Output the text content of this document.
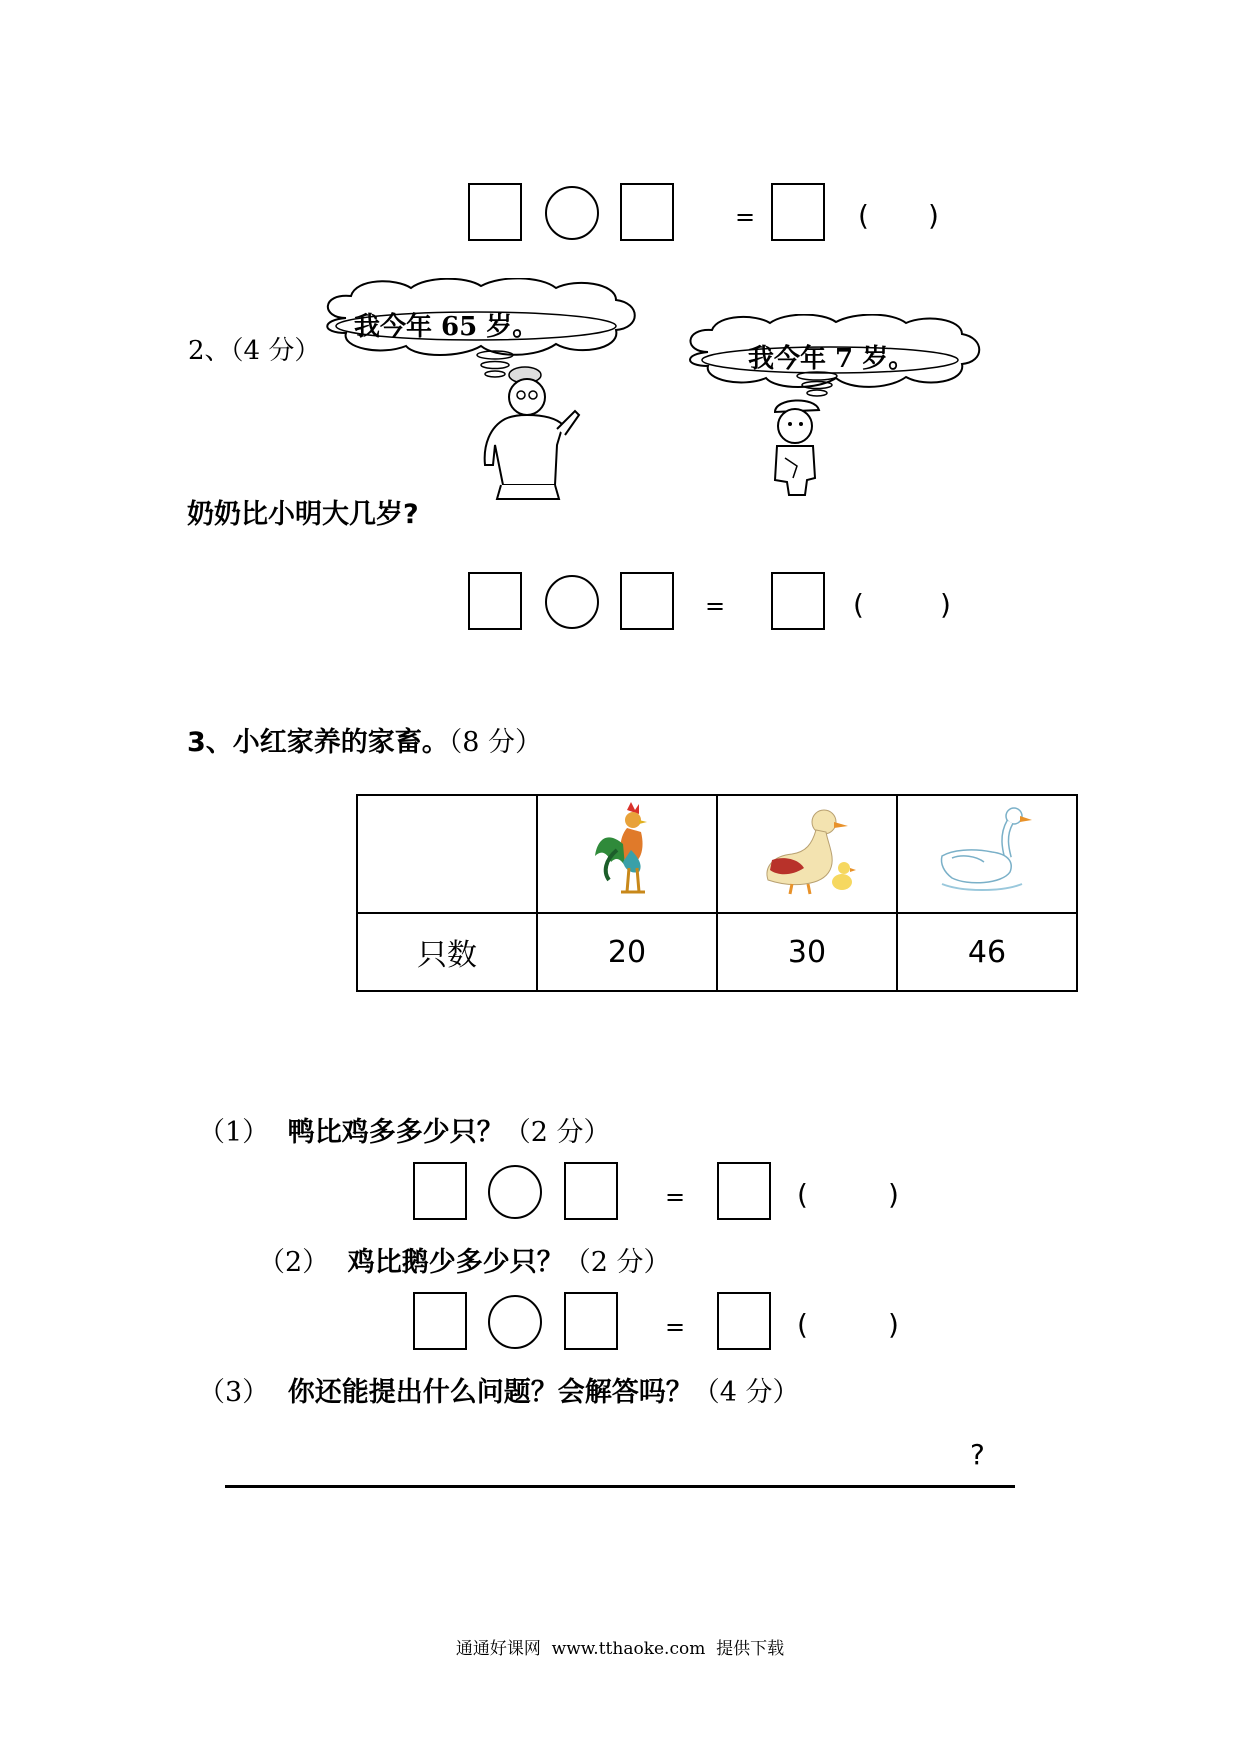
=	( )
2、（4 分）
我今年 65 岁。
我今年 7 岁。
奶奶比小明大几岁?
=	(	)
3、小红家养的家畜。（8 分）

只数	20	30	46
（1） 鸭比鸡多多少只？（2 分）
=	(	)
（2） 鸡比鹅少多少只？（2 分）
=	(	)
（3） 你还能提出什么问题？会解答吗？（4 分）
?
通通好课网  www.tthaoke.com  提供下载
